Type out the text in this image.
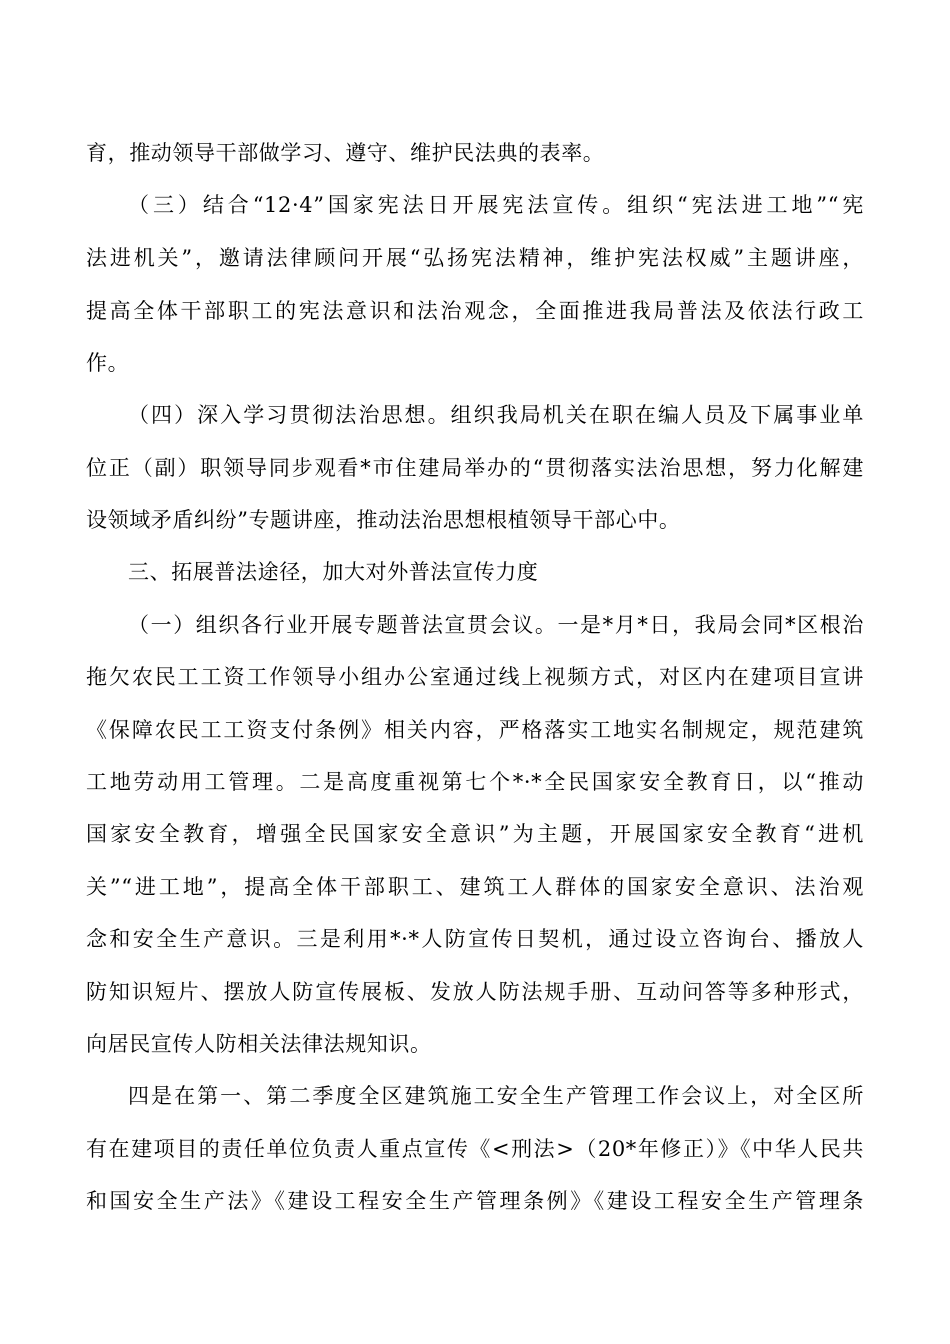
育，推动领导干部做学习、遵守、维护民法典的表率。
（三）结合“12·4”国家宪法日开展宪法宣传。组织“宪法进工地”“宪
法进机关”，邀请法律顾问开展“弘扬宪法精神，维护宪法权威”主题讲座，
提高全体干部职工的宪法意识和法治观念，全面推进我局普法及依法行政工
作。
（四）深入学习贯彻法治思想。组织我局机关在职在编人员及下属事业单
位正（副）职领导同步观看*市住建局举办的“贯彻落实法治思想，努力化解建
设领域矛盾纠纷”专题讲座，推动法治思想根植领导干部心中。
三、拓展普法途径，加大对外普法宣传力度
（一）组织各行业开展专题普法宣贯会议。一是*月*日，我局会同*区根治
拖欠农民工工资工作领导小组办公室通过线上视频方式，对区内在建项目宣讲
《保障农民工工资支付条例》相关内容，严格落实工地实名制规定，规范建筑
工地劳动用工管理。二是高度重视第七个*·*全民国家安全教育日，以“推动
国家安全教育，增强全民国家安全意识”为主题，开展国家安全教育“进机
关”“进工地”，提高全体干部职工、建筑工人群体的国家安全意识、法治观
念和安全生产意识。三是利用*·*人防宣传日契机，通过设立咨询台、播放人
防知识短片、摆放人防宣传展板、发放人防法规手册、互动问答等多种形式，
向居民宣传人防相关法律法规知识。
四是在第一、第二季度全区建筑施工安全生产管理工作会议上，对全区所
有在建项目的责任单位负责人重点宣传《<刑法>（20*年修正）》《中华人民共
和国安全生产法》《建设工程安全生产管理条例》《建设工程安全生产管理条
